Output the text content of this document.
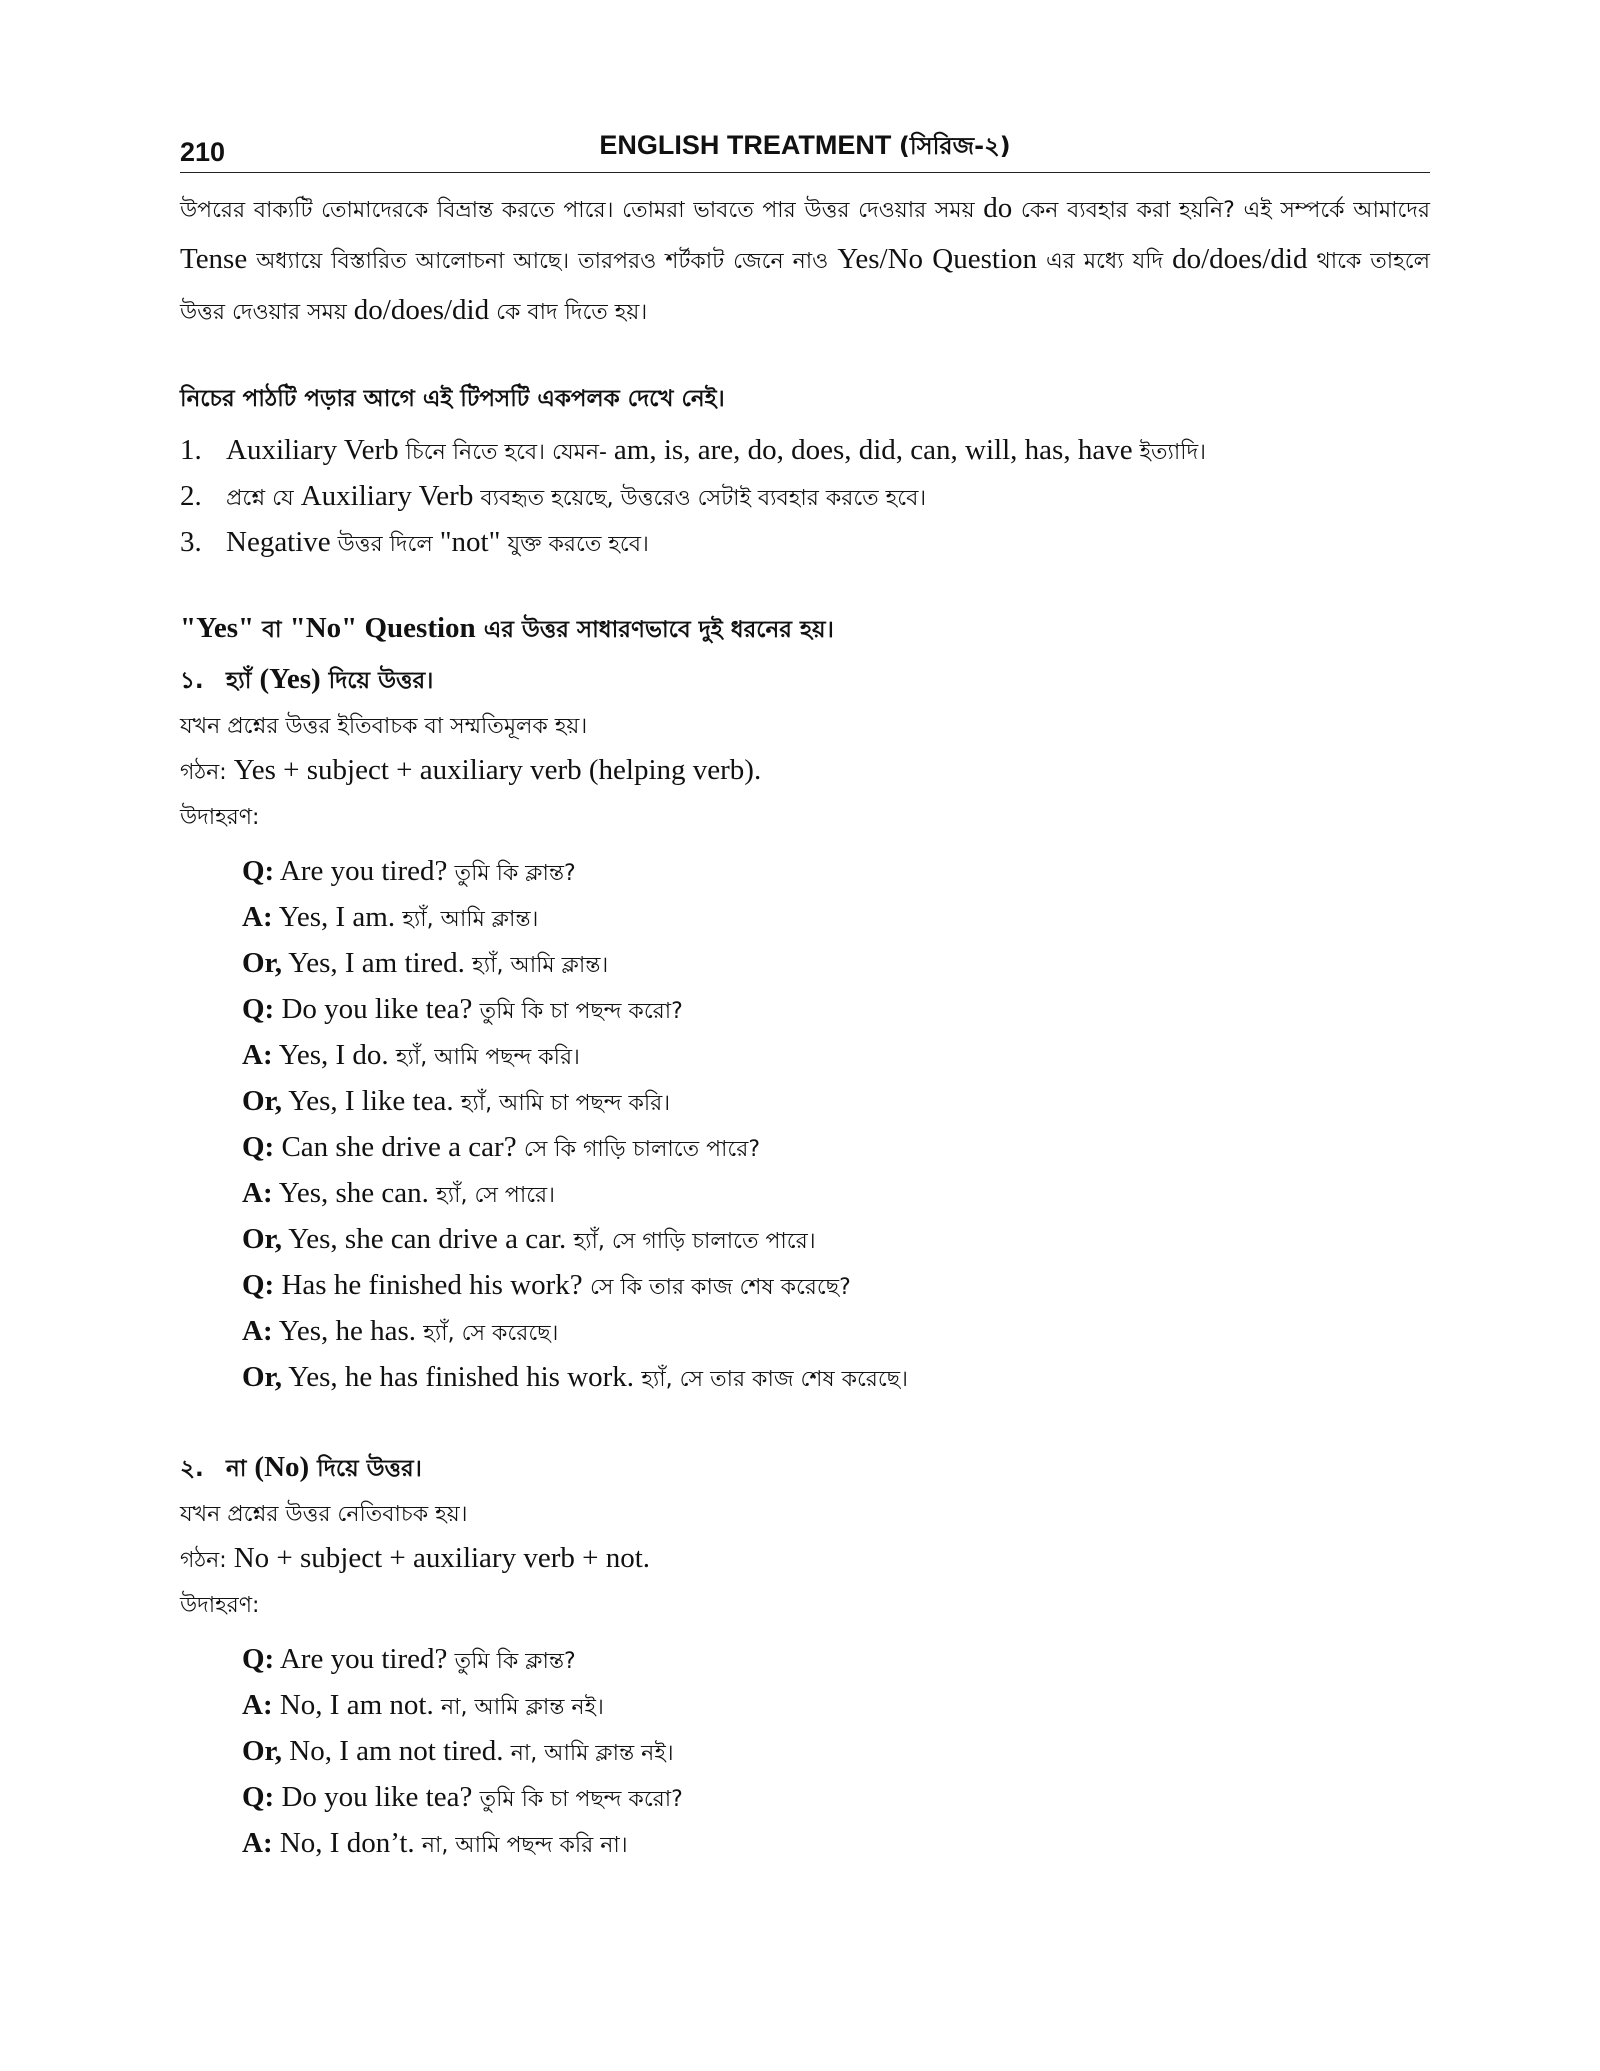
210	ENGLISH TREATMENT (সিরিজ-২)

উপরের বাক্যটি তোমাদেরকে বিভ্রান্ত করতে পারে। তোমরা ভাবতে পার উত্তর দেওয়ার সময় do কেন ব্যবহার করা হয়নি? এই সম্পর্কে আমাদের Tense অধ্যায়ে বিস্তারিত আলোচনা আছে। তারপরও শর্টকাট জেনে নাও Yes/No Question এর মধ্যে যদি do/does/did থাকে তাহলে উত্তর দেওয়ার সময় do/does/did কে বাদ দিতে হয়।

নিচের পাঠটি পড়ার আগে এই টিপসটি একপলক দেখে নেই।
1. Auxiliary Verb চিনে নিতে হবে। যেমন- am, is, are, do, does, did, can, will, has, have ইত্যাদি।
2. প্রশ্নে যে Auxiliary Verb ব্যবহৃত হয়েছে, উত্তরেও সেটাই ব্যবহার করতে হবে।
3. Negative উত্তর দিলে "not" যুক্ত করতে হবে।
"Yes" বা "No" Question এর উত্তর সাধারণভাবে দুই ধরনের হয়।
১. হ্যাঁ (Yes) দিয়ে উত্তর।
যখন প্রশ্নের উত্তর ইতিবাচক বা সম্মতিমূলক হয়।
গঠন: Yes + subject + auxiliary verb (helping verb).
উদাহরণ:
Q: Are you tired? তুমি কি ক্লান্ত?
A: Yes, I am. হ্যাঁ, আমি ক্লান্ত।
Or, Yes, I am tired. হ্যাঁ, আমি ক্লান্ত।
Q: Do you like tea? তুমি কি চা পছন্দ করো?
A: Yes, I do. হ্যাঁ, আমি পছন্দ করি।
Or, Yes, I like tea. হ্যাঁ, আমি চা পছন্দ করি।
Q: Can she drive a car? সে কি গাড়ি চালাতে পারে?
A: Yes, she can. হ্যাঁ, সে পারে।
Or, Yes, she can drive a car. হ্যাঁ, সে গাড়ি চালাতে পারে।
Q: Has he finished his work? সে কি তার কাজ শেষ করেছে?
A: Yes, he has. হ্যাঁ, সে করেছে।
Or, Yes, he has finished his work. হ্যাঁ, সে তার কাজ শেষ করেছে।
২. না (No) দিয়ে উত্তর।
যখন প্রশ্নের উত্তর নেতিবাচক হয়।
গঠন: No + subject + auxiliary verb + not.
উদাহরণ:
Q: Are you tired? তুমি কি ক্লান্ত?
A: No, I am not. না, আমি ক্লান্ত নই।
Or, No, I am not tired. না, আমি ক্লান্ত নই।
Q: Do you like tea? তুমি কি চা পছন্দ করো?
A: No, I don’t. না, আমি পছন্দ করি না।
